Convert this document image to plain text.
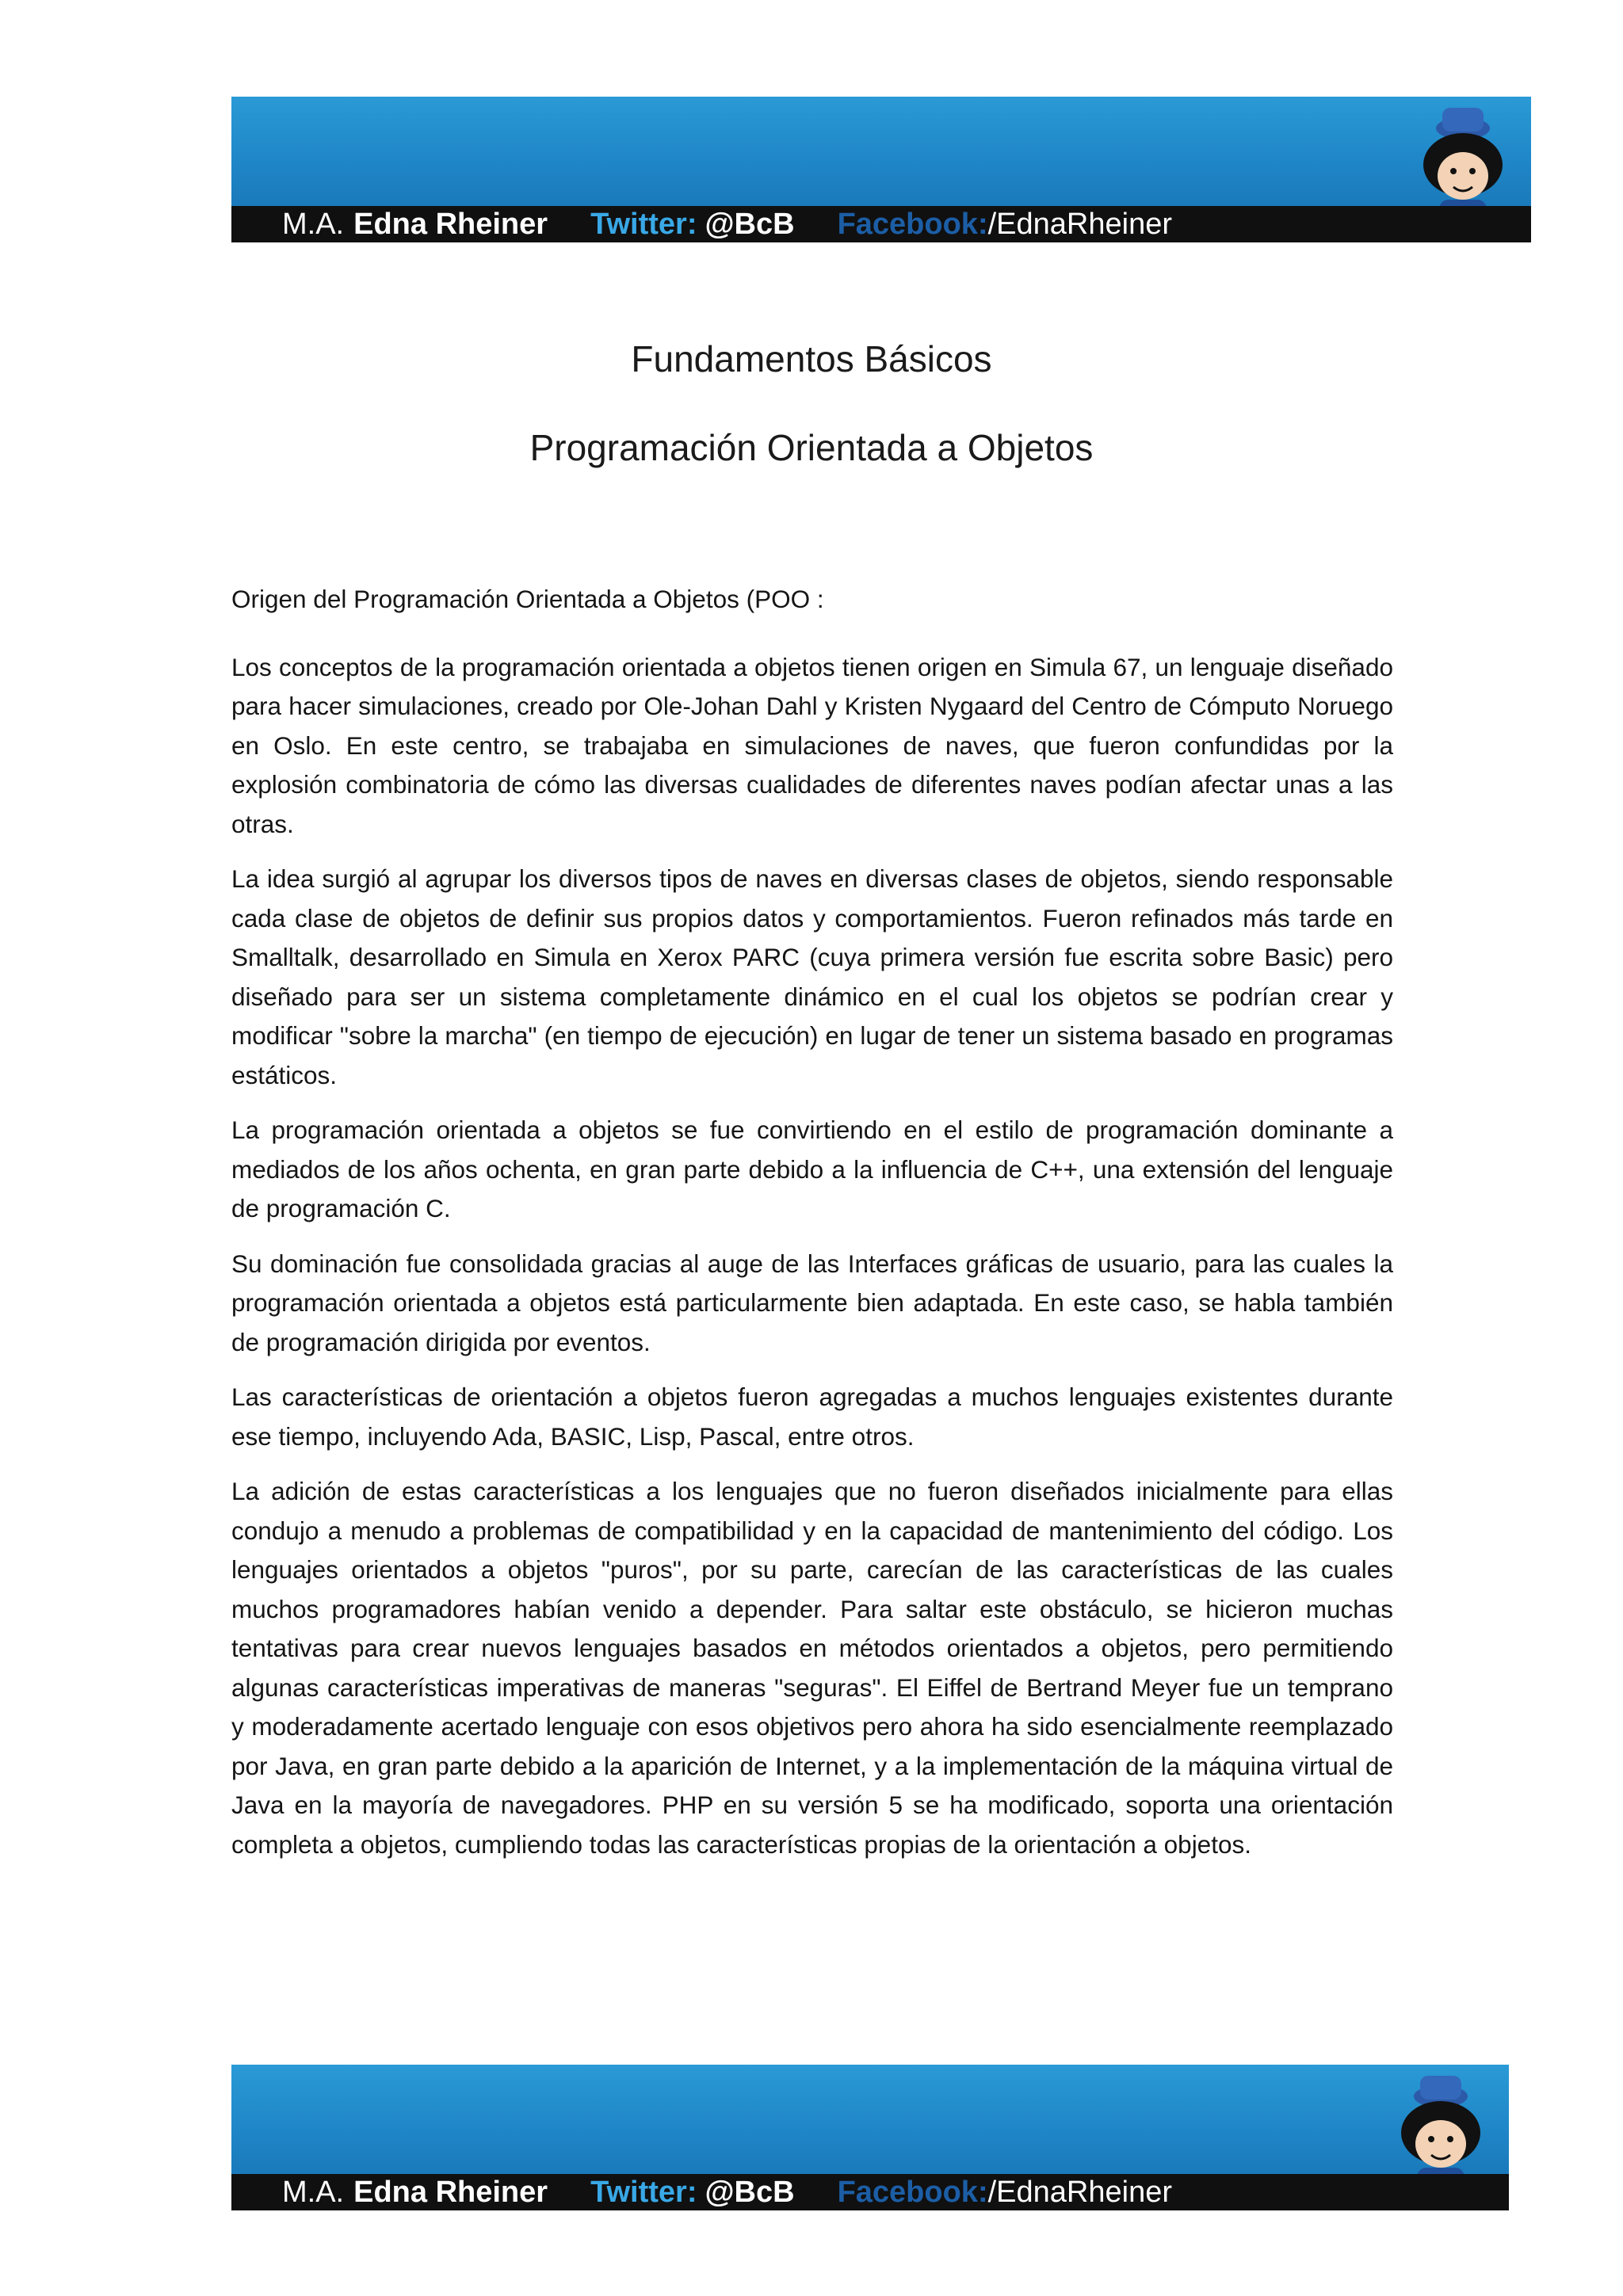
M.A. Edna Rheiner Twitter: @BcB Facebook: /EdnaRheiner
Fundamentos Básicos
Programación Orientada a Objetos

Origen del Programación Orientada a Objetos (POO :

Los conceptos de la programación orientada a objetos tienen origen en Simula 67, un lenguaje diseñado para hacer simulaciones, creado por Ole-Johan Dahl y Kristen Nygaard del Centro de Cómputo Noruego en Oslo. En este centro, se trabajaba en simulaciones de naves, que fueron confundidas por la explosión combinatoria de cómo las diversas cualidades de diferentes naves podían afectar unas a las otras.

La idea surgió al agrupar los diversos tipos de naves en diversas clases de objetos, siendo responsable cada clase de objetos de definir sus propios datos y comportamientos. Fueron refinados más tarde en Smalltalk, desarrollado en Simula en Xerox PARC (cuya primera versión fue escrita sobre Basic) pero diseñado para ser un sistema completamente dinámico en el cual los objetos se podrían crear y modificar "sobre la marcha" (en tiempo de ejecución) en lugar de tener un sistema basado en programas estáticos.

La programación orientada a objetos se fue convirtiendo en el estilo de programación dominante a mediados de los años ochenta, en gran parte debido a la influencia de C++, una extensión del lenguaje de programación C.

Su dominación fue consolidada gracias al auge de las Interfaces gráficas de usuario, para las cuales la programación orientada a objetos está particularmente bien adaptada. En este caso, se habla también de programación dirigida por eventos.

Las características de orientación a objetos fueron agregadas a muchos lenguajes existentes durante ese tiempo, incluyendo Ada, BASIC, Lisp, Pascal, entre otros.

La adición de estas características a los lenguajes que no fueron diseñados inicialmente para ellas condujo a menudo a problemas de compatibilidad y en la capacidad de mantenimiento del código. Los lenguajes orientados a objetos "puros", por su parte, carecían de las características de las cuales muchos programadores habían venido a depender. Para saltar este obstáculo, se hicieron muchas tentativas para crear nuevos lenguajes basados en métodos orientados a objetos, pero permitiendo algunas características imperativas de maneras "seguras". El Eiffel de Bertrand Meyer fue un temprano y moderadamente acertado lenguaje con esos objetivos pero ahora ha sido esencialmente reemplazado por Java, en gran parte debido a la aparición de Internet, y a la implementación de la máquina virtual de Java en la mayoría de navegadores. PHP en su versión 5 se ha modificado, soporta una orientación completa a objetos, cumpliendo todas las características propias de la orientación a objetos.

M.A. Edna Rheiner Twitter: @BcB Facebook: /EdnaRheiner
